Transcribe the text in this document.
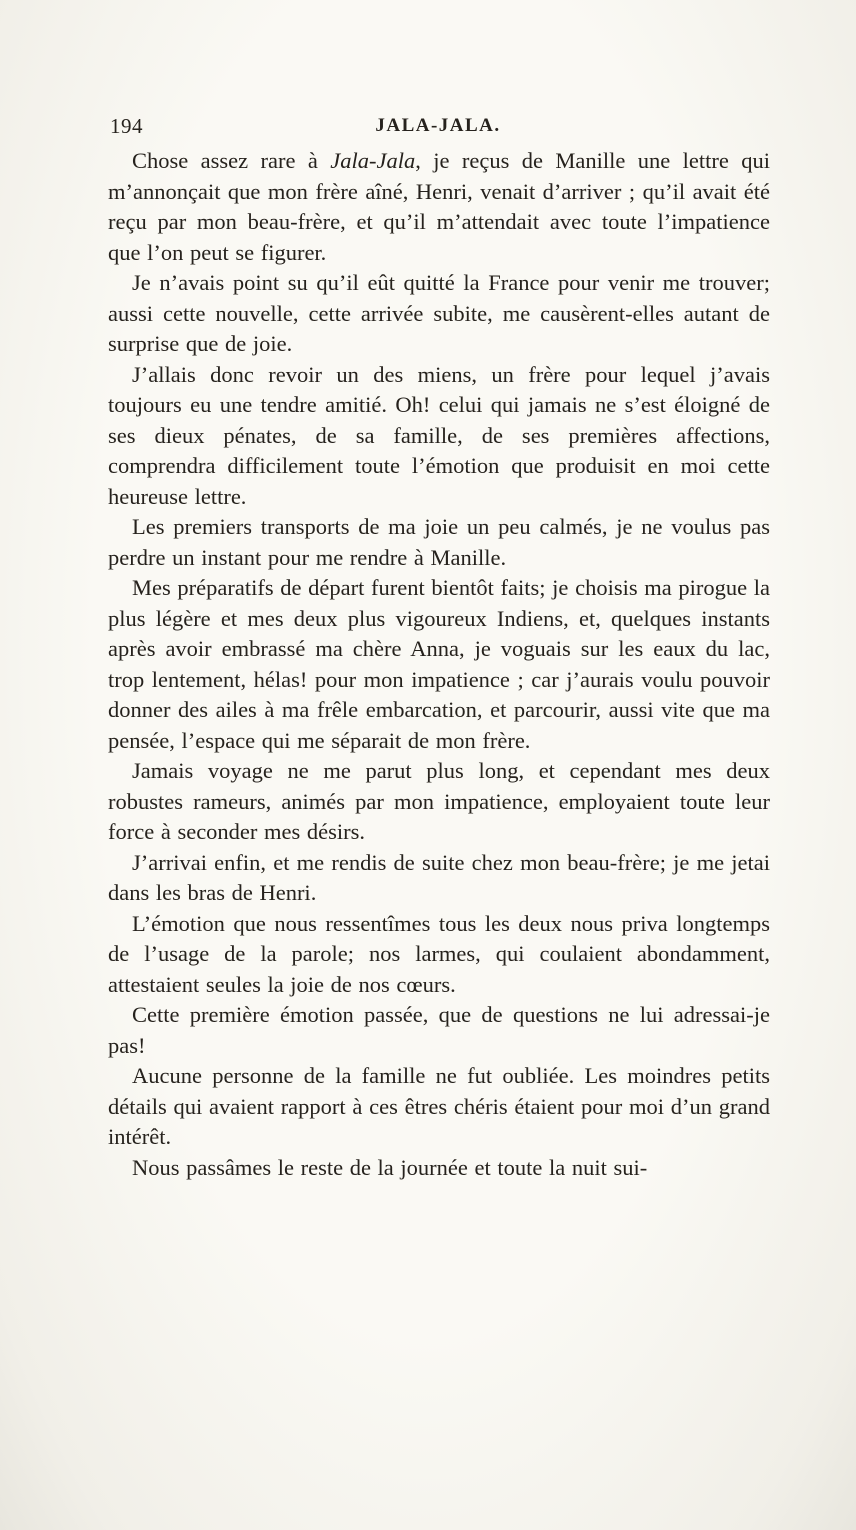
194	JALA-JALA.

Chose assez rare à Jala-Jala, je reçus de Manille une lettre qui m’annonçait que mon frère aîné, Henri, venait d’arriver ; qu’il avait été reçu par mon beau-frère, et qu’il m’attendait avec toute l’impatience que l’on peut se figurer.

Je n’avais point su qu’il eût quitté la France pour venir me trouver; aussi cette nouvelle, cette arrivée subite, me causèrent-elles autant de surprise que de joie.

J’allais donc revoir un des miens, un frère pour lequel j’avais toujours eu une tendre amitié. Oh! celui qui jamais ne s’est éloigné de ses dieux pénates, de sa famille, de ses premières affections, comprendra difficilement toute l’émotion que produisit en moi cette heureuse lettre.

Les premiers transports de ma joie un peu calmés, je ne voulus pas perdre un instant pour me rendre à Manille.

Mes préparatifs de départ furent bientôt faits; je choisis ma pirogue la plus légère et mes deux plus vigoureux Indiens, et, quelques instants après avoir embrassé ma chère Anna, je voguais sur les eaux du lac, trop lentement, hélas! pour mon impatience ; car j’aurais voulu pouvoir donner des ailes à ma frêle embarcation, et parcourir, aussi vite que ma pensée, l’espace qui me séparait de mon frère.

Jamais voyage ne me parut plus long, et cependant mes deux robustes rameurs, animés par mon impatience, employaient toute leur force à seconder mes désirs.

J’arrivai enfin, et me rendis de suite chez mon beau-frère; je me jetai dans les bras de Henri.

L’émotion que nous ressentîmes tous les deux nous priva longtemps de l’usage de la parole; nos larmes, qui coulaient abondamment, attestaient seules la joie de nos cœurs.

Cette première émotion passée, que de questions ne lui adressai-je pas!

Aucune personne de la famille ne fut oubliée. Les moindres petits détails qui avaient rapport à ces êtres chéris étaient pour moi d’un grand intérêt.

Nous passâmes le reste de la journée et toute la nuit sui-
